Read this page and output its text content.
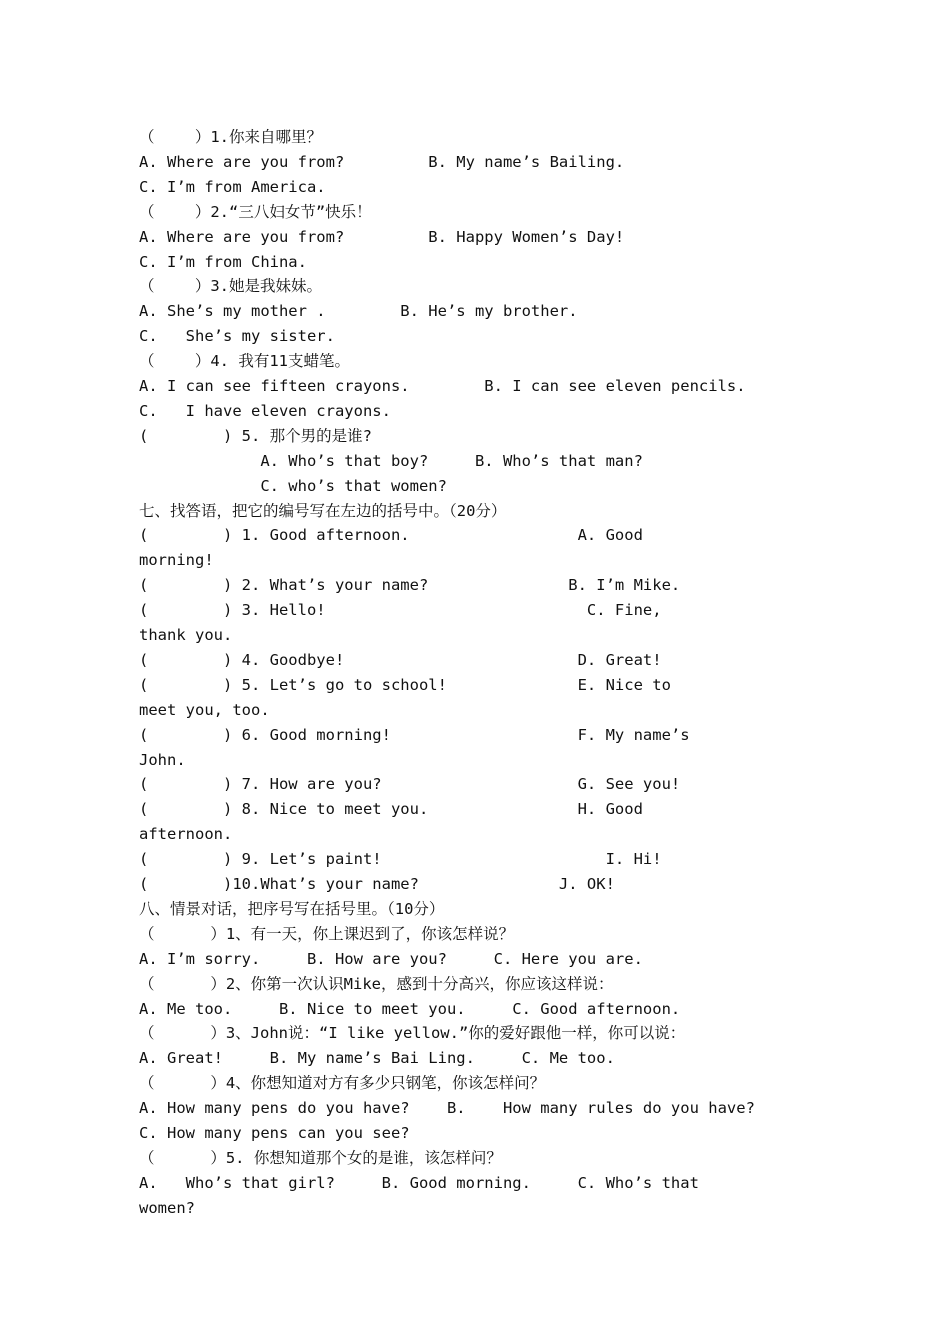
（　　 ）1.你来自哪里？
A. Where are you from?         B. My name’s Bailing.
C. I’m from America.
（　　 ）2.“三八妇女节”快乐！
A. Where are you from?         B. Happy Women’s Day!
C. I’m from China.
（　　 ）3.她是我妹妹。
A. She’s my mother .        B. He’s my brother.
C.   She’s my sister.
（　　 ）4. 我有11支蜡笔。
A. I can see fifteen crayons.        B. I can see eleven pencils.
C.   I have eleven crayons.
(        ) 5. 那个男的是谁?
A. Who’s that boy?     B. Who’s that man?
C. who’s that women?
七、找答语，把它的编号写在左边的括号中。（20分）
(        ) 1. Good afternoon.                  A. Good
morning!
(        ) 2. What’s your name?               B. I’m Mike.
(        ) 3. Hello!                            C. Fine,
thank you.
(        ) 4. Goodbye!                         D. Great!
(        ) 5. Let’s go to school!              E. Nice to
meet you, too.
(        ) 6. Good morning!                    F. My name’s
John.
(        ) 7. How are you?                     G. See you!
(        ) 8. Nice to meet you.                H. Good
afternoon.
(        ) 9. Let’s paint!                        I. Hi!
(        )10.What’s your name?               J. OK!
八、情景对话，把序号写在括号里。（10分）
（　　　 ）1、有一天，你上课迟到了，你该怎样说？
A. I’m sorry.     B. How are you?     C. Here you are.
（　　　 ）2、你第一次认识Mike，感到十分高兴，你应该这样说：
A. Me too.     B. Nice to meet you.     C. Good afternoon.
（　　　 ）3、John说：“I like yellow.”你的爱好跟他一样，你可以说：
A. Great!     B. My name’s Bai Ling.     C. Me too.
（　　　 ）4、你想知道对方有多少只钢笔，你该怎样问？
A. How many pens do you have?    B.    How many rules do you have?
C. How many pens can you see?
（　　　 ）5. 你想知道那个女的是谁，该怎样问？
A.   Who’s that girl?     B. Good morning.     C. Who’s that
women?
